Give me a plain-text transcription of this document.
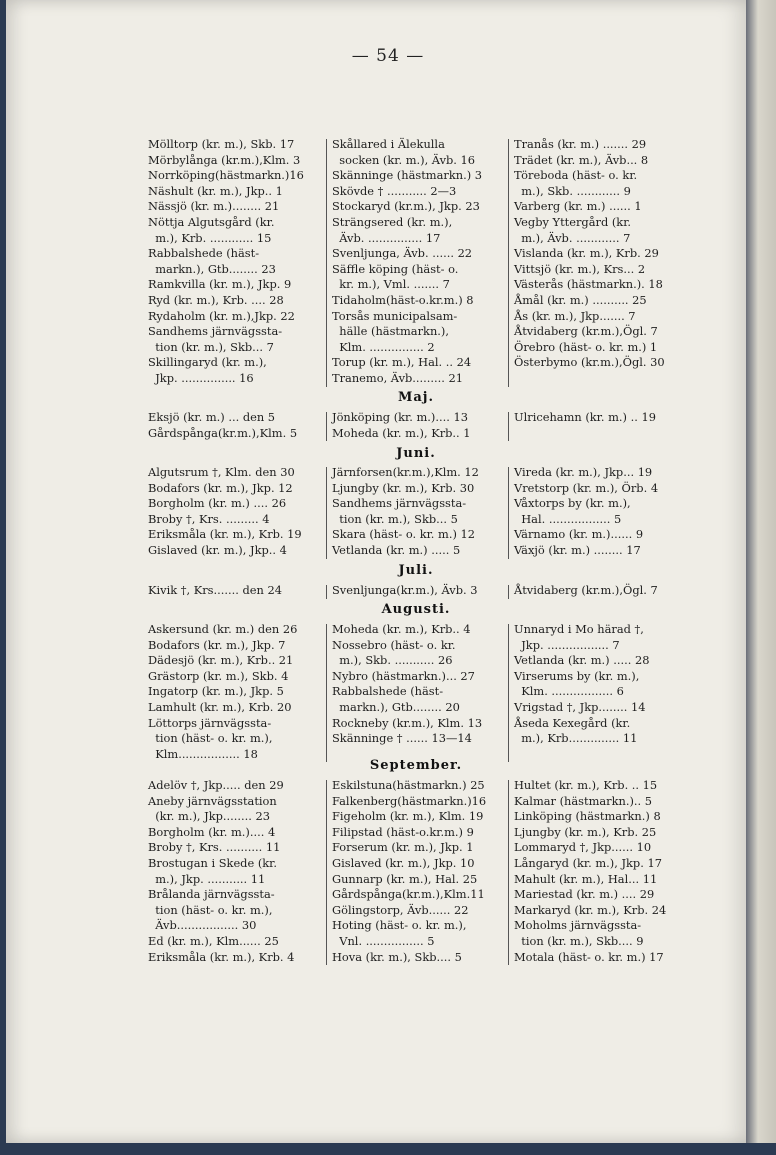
— 54 —
Mölltorp (kr. m.), Skb. 17
Mörbylånga (kr.m.),Klm. 3
Norrköping(hästmarkn.)16
Näshult (kr. m.), Jkp.. 1
Nässjö (kr. m.)........ 21
Nöttja Algutsgård (kr.
m.), Krb. ............ 15
Rabbalshede (häst-
markn.), Gtb........ 23
Ramkvilla (kr. m.), Jkp. 9
Ryd (kr. m.), Krb. .... 28
Rydaholm (kr. m.),Jkp. 22
Sandhems järnvägssta-
tion (kr. m.), Skb... 7
Skillingaryd (kr. m.),
Jkp. ............... 16
Skållared i Älekulla
socken (kr. m.), Ävb. 16
Skänninge (hästmarkn.) 3
Skövde † ........... 2—3
Stockaryd (kr.m.), Jkp. 23
Strängsered (kr. m.),
Ävb. ............... 17
Svenljunga, Ävb. ...... 22
Säffle köping (häst- o.
kr. m.), Vml. ....... 7
Tidaholm(häst-o.kr.m.) 8
Torsås municipalsam-
hälle (hästmarkn.),
Klm. ............... 2
Torup (kr. m.), Hal. .. 24
Tranemo, Ävb......... 21
Tranås (kr. m.) ....... 29
Trädet (kr. m.), Ävb... 8
Töreboda (häst- o. kr.
m.), Skb. ............ 9
Varberg (kr. m.) ...... 1
Vegby Yttergård (kr.
m.), Ävb. ............ 7
Vislanda (kr. m.), Krb. 29
Vittsjö (kr. m.), Krs... 2
Västerås (hästmarkn.). 18
Åmål (kr. m.) .......... 25
Ås (kr. m.), Jkp....... 7
Åtvidaberg (kr.m.),Ögl. 7
Örebro (häst- o. kr. m.) 1
Österbymo (kr.m.),Ögl. 30
Maj.
Eksjö (kr. m.) ... den 5
Gårdspånga(kr.m.),Klm. 5
Jönköping (kr. m.).... 13
Moheda (kr. m.), Krb.. 1
Ulricehamn (kr. m.) .. 19
Juni.
Algutsrum †, Klm. den 30
Bodafors (kr. m.), Jkp. 12
Borgholm (kr. m.) .... 26
Broby †, Krs. ......... 4
Eriksmåla (kr. m.), Krb. 19
Gislaved (kr. m.), Jkp.. 4
Järnforsen(kr.m.),Klm. 12
Ljungby (kr. m.), Krb. 30
Sandhems järnvägssta-
tion (kr. m.), Skb... 5
Skara (häst- o. kr. m.) 12
Vetlanda (kr. m.) ..... 5
Vireda (kr. m.), Jkp... 19
Vretstorp (kr. m.), Örb. 4
Våxtorps by (kr. m.),
Hal. ................. 5
Värnamo (kr. m.)...... 9
Växjö (kr. m.) ........ 17
Juli.
Kivik †, Krs....... den 24	Svenljunga(kr.m.), Ävb. 3	Åtvidaberg (kr.m.),Ögl. 7
Augusti.
Askersund (kr. m.) den 26
Bodafors (kr. m.), Jkp. 7
Dädesjö (kr. m.), Krb.. 21
Grästorp (kr. m.), Skb. 4
Ingatorp (kr. m.), Jkp. 5
Lamhult (kr. m.), Krb. 20
Löttorps järnvägssta-
tion (häst- o. kr. m.),
Klm................. 18
Moheda (kr. m.), Krb.. 4
Nossebro (häst- o. kr.
m.), Skb. ........... 26
Nybro (hästmarkn.)... 27
Rabbalshede (häst-
markn.), Gtb........ 20
Rockneby (kr.m.), Klm. 13
Skänninge † ...... 13—14
Unnaryd i Mo härad †,
Jkp. ................. 7
Vetlanda (kr. m.) ..... 28
Virserums by (kr. m.),
Klm. ................. 6
Vrigstad †, Jkp........ 14
Åseda Kexegård (kr.
m.), Krb.............. 11
September.
Adelöv †, Jkp..... den 29
Aneby järnvägsstation
(kr. m.), Jkp........ 23
Borgholm (kr. m.).... 4
Broby †, Krs. .......... 11
Brostugan i Skede (kr.
m.), Jkp. ........... 11
Brålanda järnvägssta-
tion (häst- o. kr. m.),
Ävb................. 30
Ed (kr. m.), Klm...... 25
Eriksmåla (kr. m.), Krb. 4
Eskilstuna(hästmarkn.) 25
Falkenberg(hästmarkn.)16
Figeholm (kr. m.), Klm. 19
Filipstad (häst-o.kr.m.) 9
Forserum (kr. m.), Jkp. 1
Gislaved (kr. m.), Jkp. 10
Gunnarp (kr. m.), Hal. 25
Gårdspånga(kr.m.),Klm.11
Gölingstorp, Ävb...... 22
Hoting (häst- o. kr. m.),
Vnl. ................ 5
Hova (kr. m.), Skb.... 5
Hultet (kr. m.), Krb. .. 15
Kalmar (hästmarkn.).. 5
Linköping (hästmarkn.) 8
Ljungby (kr. m.), Krb. 25
Lommaryd †, Jkp...... 10
Långaryd (kr. m.), Jkp. 17
Mahult (kr. m.), Hal... 11
Mariestad (kr. m.) .... 29
Markaryd (kr. m.), Krb. 24
Moholms järnvägssta-
tion (kr. m.), Skb.... 9
Motala (häst- o. kr. m.) 17
